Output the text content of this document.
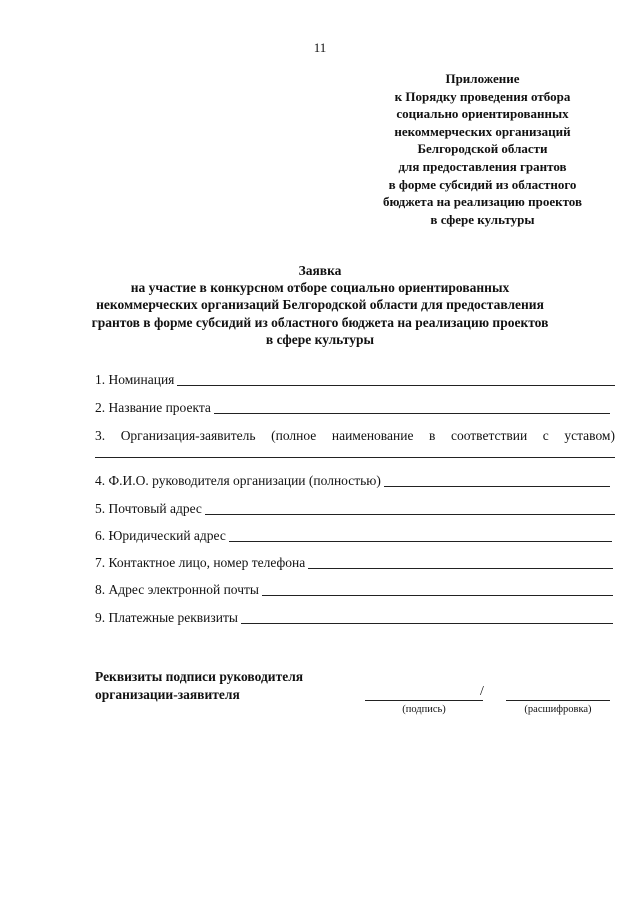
11
Приложение
к Порядку проведения отбора
социально ориентированных
некоммерческих организаций
Белгородской области
для предоставления грантов
в форме субсидий из областного
бюджета на реализацию проектов
в сфере культуры
Заявка
на участие в конкурсном отборе социально ориентированных
некоммерческих организаций Белгородской области для предоставления
грантов в форме субсидий из областного бюджета на реализацию проектов
в сфере культуры
1. Номинация
2. Название проекта
3. Организация-заявитель (полное наименование в соответствии с уставом)
4. Ф.И.О. руководителя организации (полностью)
5. Почтовый адрес
6. Юридический адрес
7. Контактное лицо, номер телефона
8. Адрес электронной почты
9. Платежные реквизиты
Реквизиты подписи руководителя
организации-заявителя	/
(подпись)	(расшифровка)
